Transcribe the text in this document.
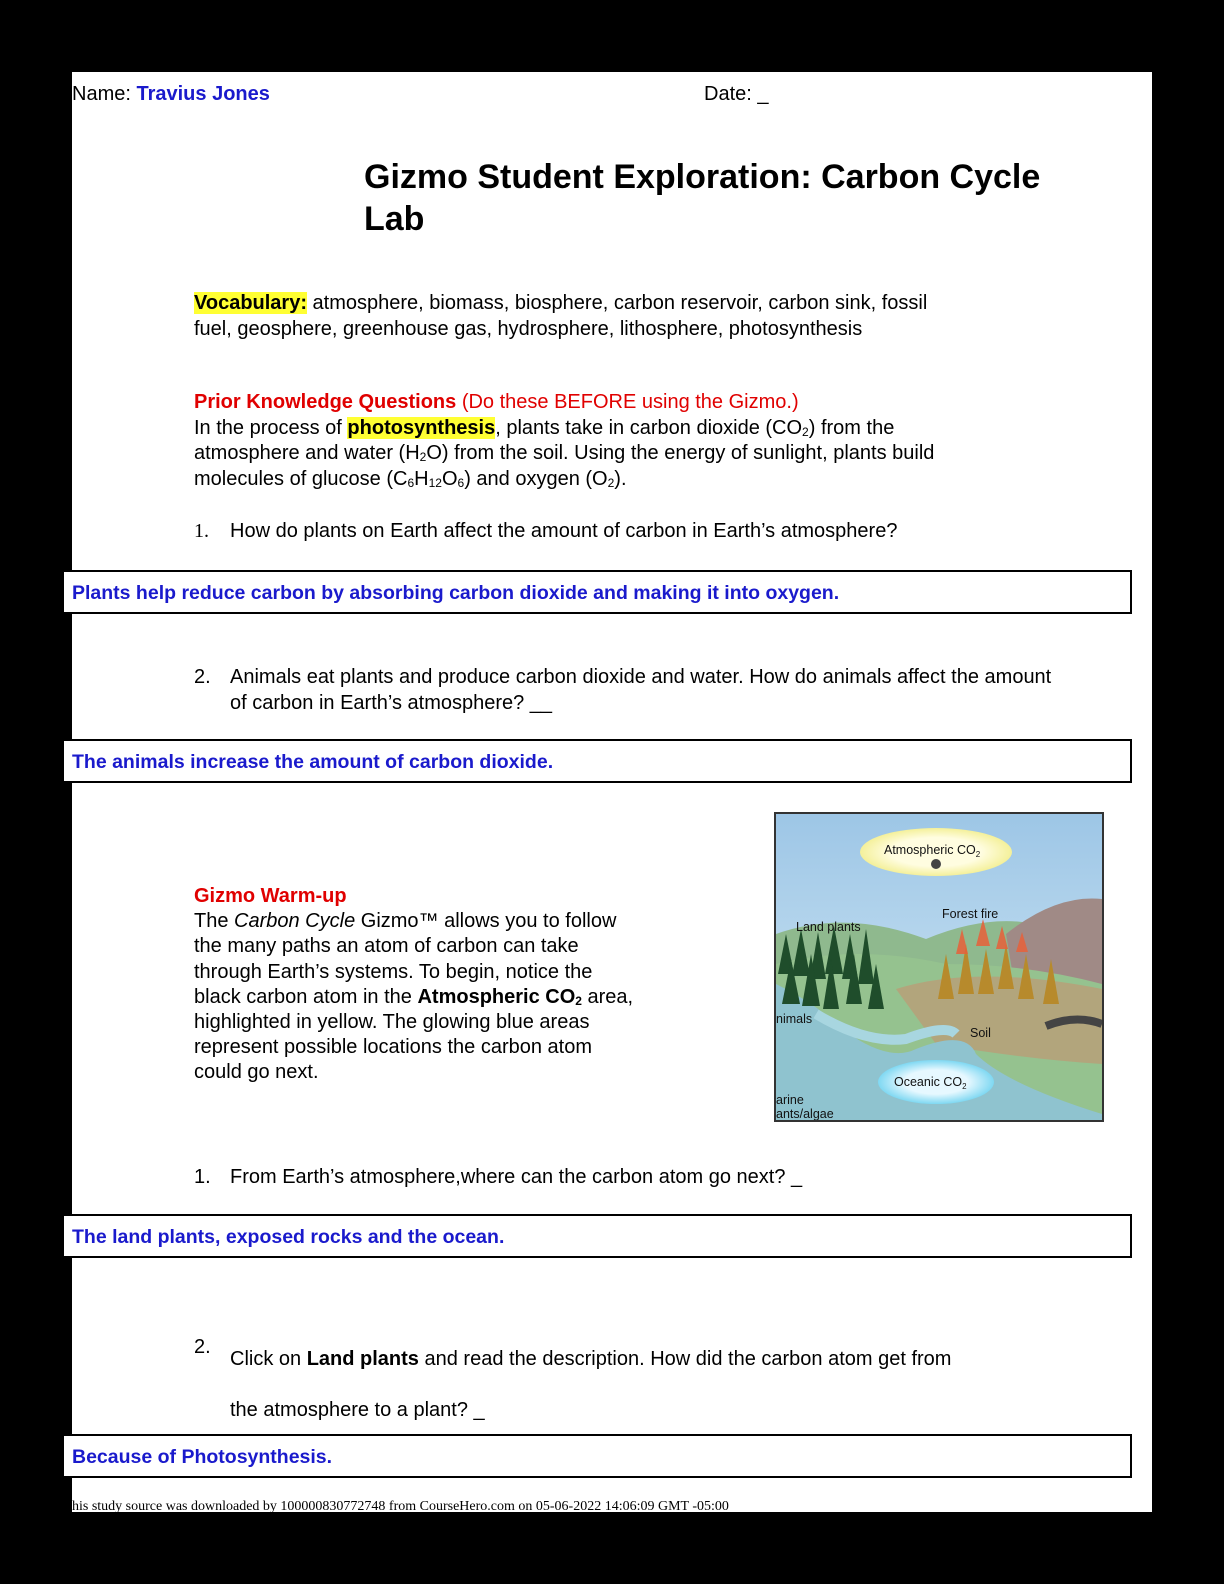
Name: Travius Jones	Date: _
Gizmo Student Exploration: Carbon Cycle
Lab
Vocabulary: atmosphere, biomass, biosphere, carbon reservoir, carbon sink, fossil
fuel, geosphere, greenhouse gas, hydrosphere, lithosphere, photosynthesis
Prior Knowledge Questions (Do these BEFORE using the Gizmo.)
In the process of photosynthesis, plants take in carbon dioxide $(CO_2)$ from the
atmosphere and water $(H_2O)$ from the soil. Using the energy of sunlight, plants build
molecules of glucose $(C_6H_{12}O_6)$ and oxygen $(O_2)$.
1. How do plants on Earth affect the amount of carbon in Earth’s atmosphere?
Plants help reduce carbon by absorbing carbon dioxide and making it into oxygen.
2. Animals eat plants and produce carbon dioxide and water. How do animals affect the amount
of carbon in Earth’s atmosphere? __
The animals increase the amount of carbon dioxide.
Gizmo Warm-up
The Carbon Cycle Gizmo™ allows you to follow
the many paths an atom of carbon can take
through Earth’s systems. To begin, notice the
black carbon atom in the Atmospheric $CO_2$ area,
highlighted in yellow. The glowing blue areas
represent possible locations the carbon atom
could go next.
Atmospheric $CO_2$
Forest fire
Land plants
nimals
Soil
Oceanic $CO_2$
arine
ants/algae
1. From Earth’s atmosphere,where can the carbon atom go next? _
The land plants, exposed rocks and the ocean.
2.
Click on Land plants and read the description. How did the carbon atom get from
the atmosphere to a plant? _
Because of Photosynthesis.
his study source was downloaded by 100000830772748 from CourseHero.com on 05-06-2022 14:06:09 GMT -05:00
